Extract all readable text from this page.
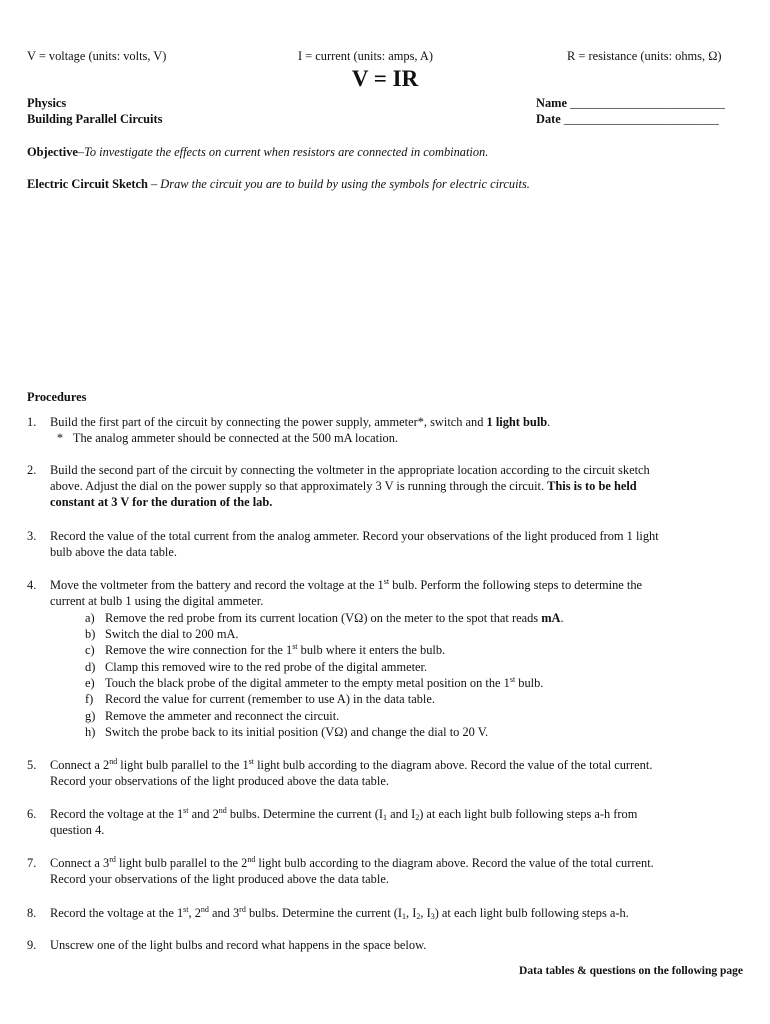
V = voltage (units: volts, V)	I = current (units: amps, A)	R = resistance (units: ohms, Ω)
V = IR
Physics
Building Parallel Circuits
Name _________________________
Date _________________________
Objective–To investigate the effects on current when resistors are connected in combination.
Electric Circuit Sketch – Draw the circuit you are to build by using the symbols for electric circuits.
Procedures
1.	Build the first part of the circuit by connecting the power supply, ammeter*, switch and 1 light bulb.
* The analog ammeter should be connected at the 500 mA location.
2.	Build the second part of the circuit by connecting the voltmeter in the appropriate location according to the circuit sketch
above. Adjust the dial on the power supply so that approximately 3 V is running through the circuit. This is to be held
constant at 3 V for the duration of the lab.
3.	Record the value of the total current from the analog ammeter. Record your observations of the light produced from 1 light
bulb above the data table.
4.	Move the voltmeter from the battery and record the voltage at the 1st bulb. Perform the following steps to determine the
current at bulb 1 using the digital ammeter.
a) Remove the red probe from its current location (VΩ) on the meter to the spot that reads mA.
b) Switch the dial to 200 mA.
c) Remove the wire connection for the 1st bulb where it enters the bulb.
d) Clamp this removed wire to the red probe of the digital ammeter.
e) Touch the black probe of the digital ammeter to the empty metal position on the 1st bulb.
f) Record the value for current (remember to use A) in the data table.
g) Remove the ammeter and reconnect the circuit.
h) Switch the probe back to its initial position (VΩ) and change the dial to 20 V.
5.	Connect a 2nd light bulb parallel to the 1st light bulb according to the diagram above. Record the value of the total current.
Record your observations of the light produced above the data table.
6.	Record the voltage at the 1st and 2nd bulbs. Determine the current ($I_1$ and $I_2$) at each light bulb following steps a-h from
question 4.
7.	Connect a 3rd light bulb parallel to the 2nd light bulb according to the diagram above. Record the value of the total current.
Record your observations of the light produced above the data table.
8.	Record the voltage at the 1st, 2nd and 3rd bulbs. Determine the current ($I_1$, $I_2$, $I_3$) at each light bulb following steps a-h.
9.	Unscrew one of the light bulbs and record what happens in the space below.
Data tables & questions on the following page
